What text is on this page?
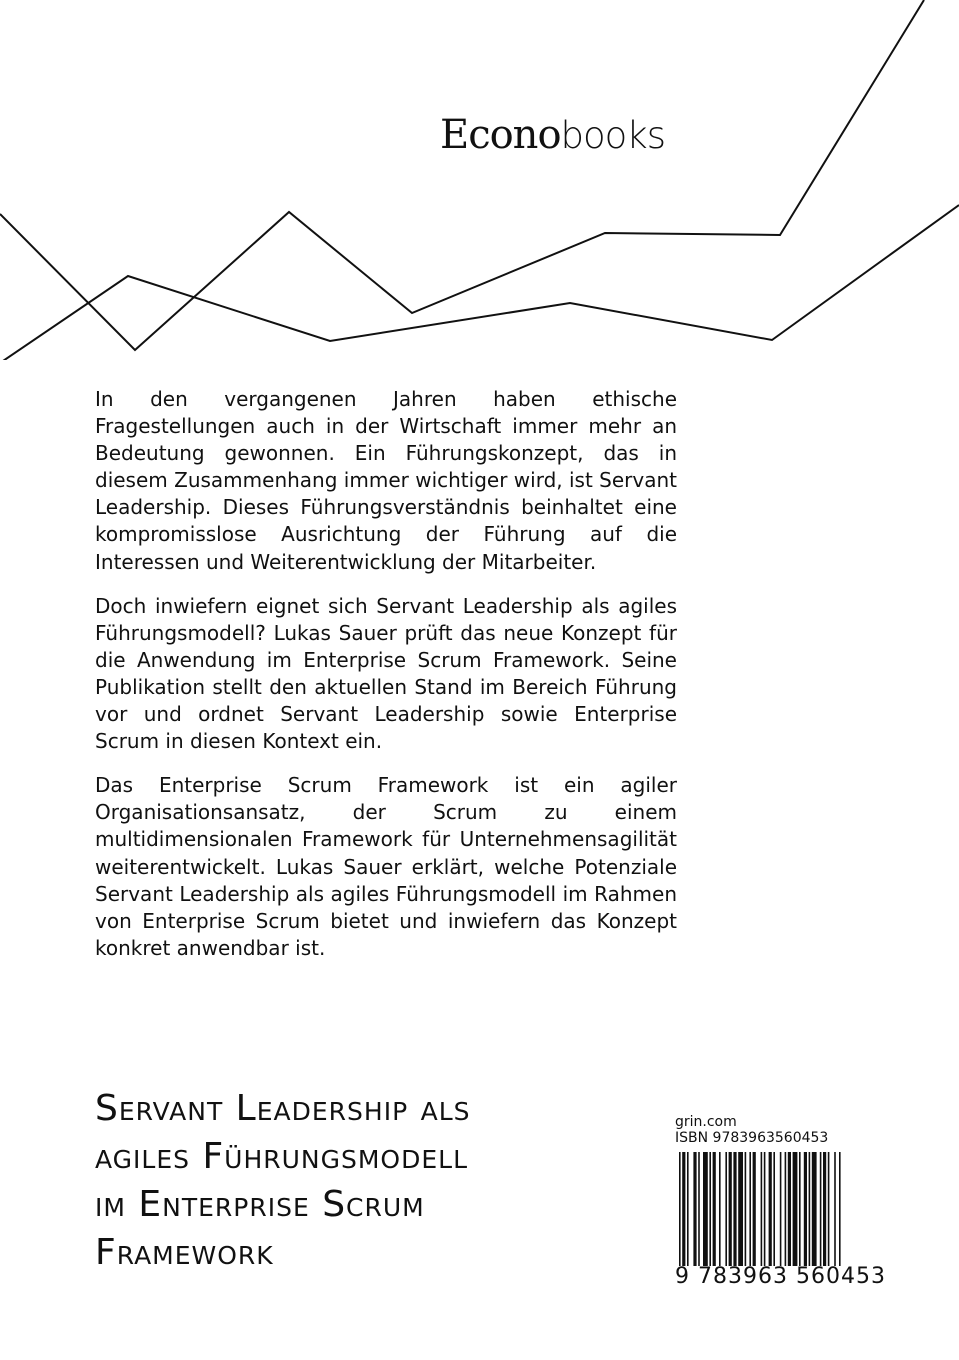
Econobooks

In den vergangenen Jahren haben ethische Fragestellungen auch in der Wirtschaft immer mehr an Bedeutung gewonnen. Ein Führungskonzept, das in diesem Zusammenhang immer wichtiger wird, ist Servant Leadership. Dieses Führungsverständnis beinhaltet eine kompromisslose Ausrichtung der Führung auf die Interessen und Weiterentwicklung der Mitarbeiter.

Doch inwiefern eignet sich Servant Leadership als agiles Führungsmodell? Lukas Sauer prüft das neue Konzept für die Anwendung im Enterprise Scrum Framework. Seine Publikation stellt den aktuellen Stand im Bereich Führung vor und ordnet Servant Leadership sowie Enterprise Scrum in diesen Kontext ein.

Das Enterprise Scrum Framework ist ein agiler Organisationsansatz, der Scrum zu einem multidimensionalen Framework für Unternehmensagilität weiterentwickelt. Lukas Sauer erklärt, welche Potenziale Servant Leadership als agiles Führungsmodell im Rahmen von Enterprise Scrum bietet und inwiefern das Konzept konkret anwendbar ist.

Servant Leadership als
agiles Führungsmodell
im Enterprise Scrum
Framework
grin.com
ISBN 9783963560453
9 783963 560453
